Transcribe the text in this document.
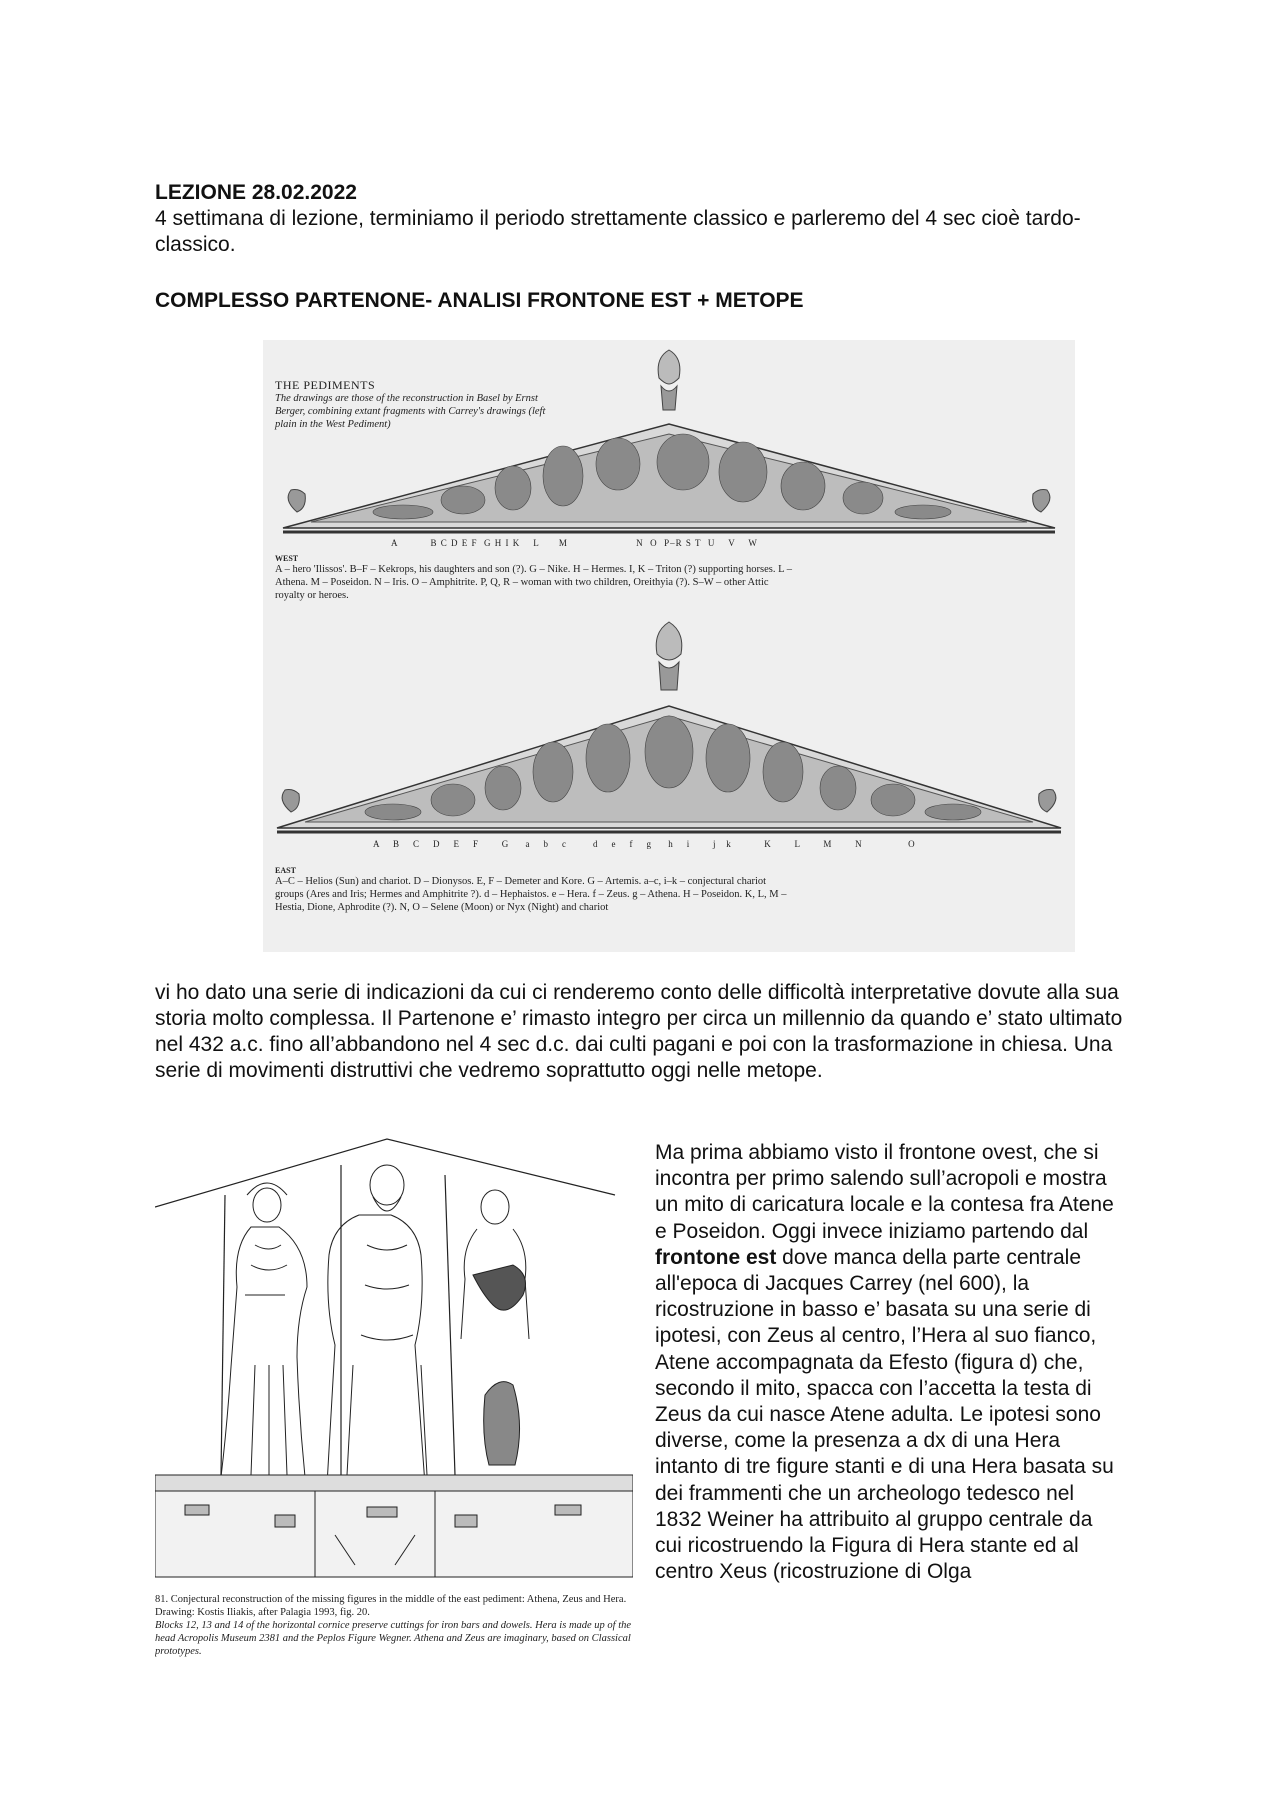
LEZIONE 28.02.2022
4 settimana di lezione, terminiamo il periodo strettamente classico e parleremo del 4 sec cioè tardo-classico.
COMPLESSO PARTENONE- ANALISI FRONTONE EST + METOPE
THE PEDIMENTS
The drawings are those of the reconstruction in Basel by Ernst Berger, combining extant fragments with Carrey's drawings (left plain in the West Pediment)
A          B C D E F  G H I K    L      M                     N  O  P–R S T  U    V    W
WEST
A – hero 'Ilissos'. B–F – Kekrops, his daughters and son (?). G – Nike. H – Hermes. I, K – Triton (?) supporting horses. L – Athena. M – Poseidon. N – Iris. O – Amphitrite. P, Q, R – woman with two children, Oreithyia (?). S–W – other Attic royalty or heroes.
A    B    C    D    E    F       G     a    b    c        d    e    f    g     h    i       j   k          K       L       M       N              O
EAST
A–C – Helios (Sun) and chariot. D – Dionysos. E, F – Demeter and Kore. G – Artemis. a–c, i–k – conjectural chariot groups (Ares and Iris; Hermes and Amphitrite ?). d – Hephaistos. e – Hera. f – Zeus. g – Athena. H – Poseidon. K, L, M – Hestia, Dione, Aphrodite (?). N, O – Selene (Moon) or Nyx (Night) and chariot
vi ho dato una serie di indicazioni da cui ci renderemo conto delle difficoltà interpretative dovute alla sua storia molto complessa. Il Partenone e’ rimasto integro per circa un millennio da quando e’ stato ultimato nel 432 a.c. fino all’abbandono nel 4 sec d.c. dai culti pagani e poi con la trasformazione in chiesa. Una serie di movimenti distruttivi che vedremo soprattutto oggi nelle metope.
81. Conjectural reconstruction of the missing figures in the middle of the east pediment: Athena, Zeus and Hera. Drawing: Kostis Iliakis, after Palagia 1993, fig. 20.
Blocks 12, 13 and 14 of the horizontal cornice preserve cuttings for iron bars and dowels. Hera is made up of the head Acropolis Museum 2381 and the Peplos Figure Wegner. Athena and Zeus are imaginary, based on Classical prototypes.
Ma prima abbiamo visto il frontone ovest, che si incontra per primo salendo sull’acropoli e mostra un mito di caricatura locale e la contesa fra Atene e Poseidon. Oggi invece iniziamo partendo dal frontone est dove manca della parte centrale all'epoca di Jacques Carrey (nel 600), la ricostruzione in basso e’ basata su una serie di ipotesi, con Zeus al centro, l’Hera al suo fianco, Atene accompagnata da Efesto (figura d) che, secondo il mito, spacca con l’accetta la testa di Zeus da cui nasce Atene adulta. Le ipotesi sono diverse, come la presenza a dx di una Hera intanto di tre figure stanti e di una Hera basata su dei frammenti che un archeologo tedesco nel 1832 Weiner ha attribuito al gruppo centrale da cui ricostruendo la Figura di Hera stante ed al centro Xeus (ricostruzione di Olga
